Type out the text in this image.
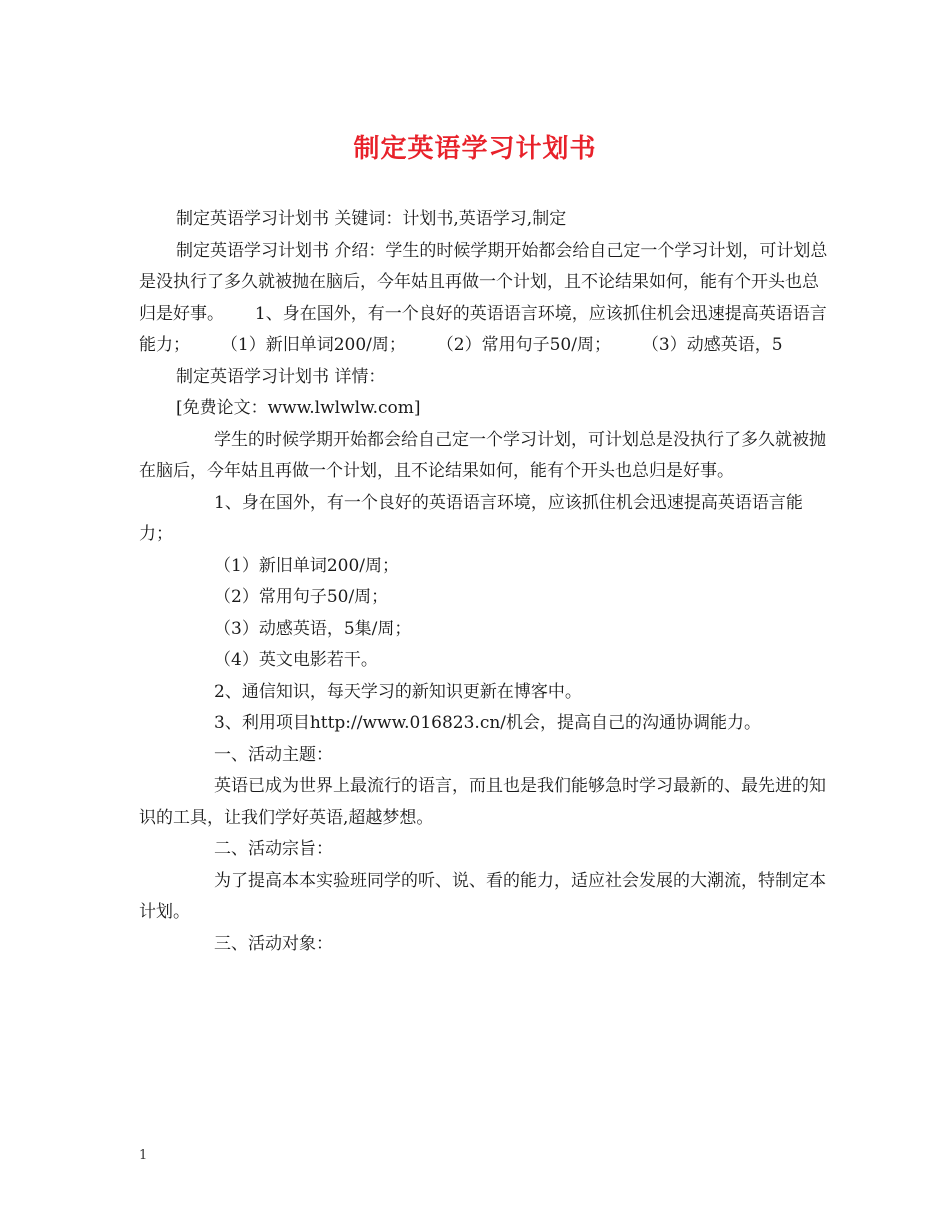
制定英语学习计划书

制定英语学习计划书 关键词：计划书,英语学习,制定

制定英语学习计划书 介绍：学生的时候学期开始都会给自己定一个学习计划，可计划总是没执行了多久就被抛在脑后，今年姑且再做一个计划，且不论结果如何，能有个开头也总归是好事。　　 1、身在国外，有一个良好的英语语言环境，应该抓住机会迅速提高英语语言能力；　　 （1）新旧单词200/周；　　 （2）常用句子50/周；　　 （3）动感英语，5

制定英语学习计划书 详情：

[免费论文：www.lwlwlw.com]

学生的时候学期开始都会给自己定一个学习计划，可计划总是没执行了多久就被抛在脑后，今年姑且再做一个计划，且不论结果如何，能有个开头也总归是好事。

1、身在国外，有一个良好的英语语言环境，应该抓住机会迅速提高英语语言能力；

（1）新旧单词200/周；

（2）常用句子50/周；

（3）动感英语，5集/周；

（4）英文电影若干。

2、通信知识，每天学习的新知识更新在博客中。

3、利用项目http://www.016823.cn/机会，提高自己的沟通协调能力。

一、活动主题：

英语已成为世界上最流行的语言，而且也是我们能够急时学习最新的、最先进的知识的工具，让我们学好英语,超越梦想。

二、活动宗旨：

为了提高本本实验班同学的听、说、看的能力，适应社会发展的大潮流，特制定本计划。

三、活动对象：

1
